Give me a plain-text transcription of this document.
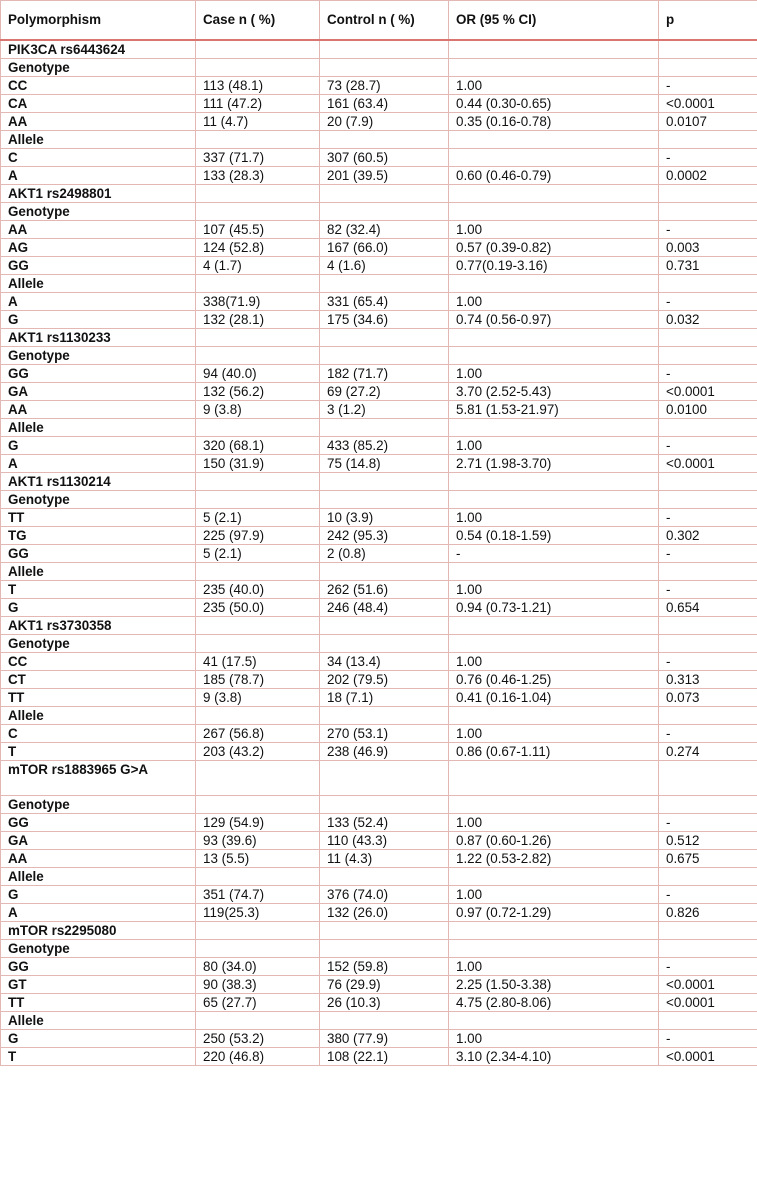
Polymorphism	Case n ( %)	Control n ( %)	OR (95 % CI)	p
PIK3CA rs6443624				
Genotype				
CC	113 (48.1)	73 (28.7)	1.00	-
CA	111 (47.2)	161 (63.4)	0.44 (0.30-0.65)	<0.0001
AA	11 (4.7)	20 (7.9)	0.35 (0.16-0.78)	0.0107
Allele				
C	337 (71.7)	307 (60.5)		-
A	133 (28.3)	201 (39.5)	0.60 (0.46-0.79)	0.0002
AKT1 rs2498801				
Genotype				
AA	107 (45.5)	82 (32.4)	1.00	-
AG	124 (52.8)	167 (66.0)	0.57 (0.39-0.82)	0.003
GG	4 (1.7)	4 (1.6)	0.77(0.19-3.16)	0.731
Allele				
A	338(71.9)	331 (65.4)	1.00	-
G	132 (28.1)	175 (34.6)	0.74 (0.56-0.97)	0.032
AKT1 rs1130233				
Genotype				
GG	94 (40.0)	182 (71.7)	1.00	-
GA	132 (56.2)	69 (27.2)	3.70 (2.52-5.43)	<0.0001
AA	9 (3.8)	3 (1.2)	5.81 (1.53-21.97)	0.0100
Allele				
G	320 (68.1)	433 (85.2)	1.00	-
A	150 (31.9)	75 (14.8)	2.71 (1.98-3.70)	<0.0001
AKT1 rs1130214				
Genotype				
TT	5 (2.1)	10 (3.9)	1.00	-
TG	225 (97.9)	242 (95.3)	0.54 (0.18-1.59)	0.302
GG	5 (2.1)	2 (0.8)	-	-
Allele				
T	235 (40.0)	262 (51.6)	1.00	-
G	235 (50.0)	246 (48.4)	0.94 (0.73-1.21)	0.654
AKT1 rs3730358				
Genotype				
CC	41 (17.5)	34 (13.4)	1.00	-
CT	185 (78.7)	202 (79.5)	0.76 (0.46-1.25)	0.313
TT	9 (3.8)	18 (7.1)	0.41 (0.16-1.04)	0.073
Allele				
C	267 (56.8)	270 (53.1)	1.00	-
T	203 (43.2)	238 (46.9)	0.86 (0.67-1.11)	0.274
mTOR rs1883965 G>A				
Genotype				
GG	129 (54.9)	133 (52.4)	1.00	-
GA	93 (39.6)	110 (43.3)	0.87 (0.60-1.26)	0.512
AA	13 (5.5)	11 (4.3)	1.22 (0.53-2.82)	0.675
Allele				
G	351 (74.7)	376 (74.0)	1.00	-
A	119(25.3)	132 (26.0)	0.97 (0.72-1.29)	0.826
mTOR rs2295080				
Genotype				
GG	80 (34.0)	152 (59.8)	1.00	-
GT	90 (38.3)	76 (29.9)	2.25 (1.50-3.38)	<0.0001
TT	65 (27.7)	26 (10.3)	4.75 (2.80-8.06)	<0.0001
Allele				
G	250 (53.2)	380 (77.9)	1.00	-
T	220 (46.8)	108 (22.1)	3.10 (2.34-4.10)	<0.0001
